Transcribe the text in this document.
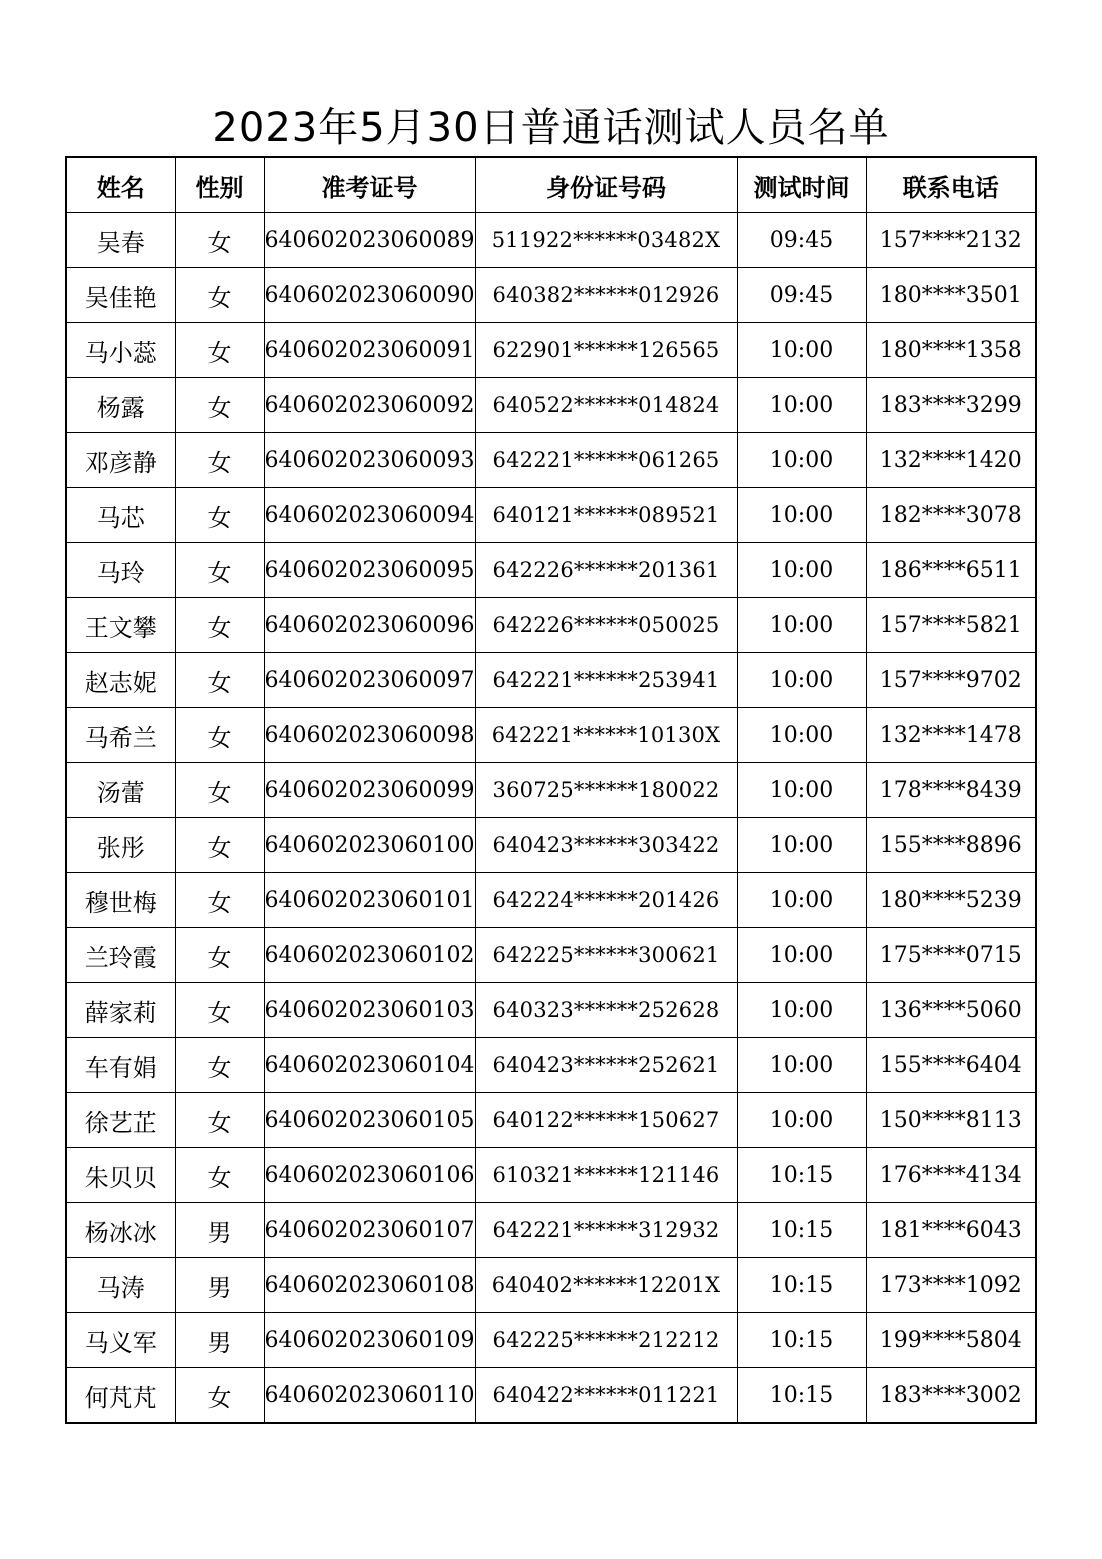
2023年5月30日普通话测试人员名单
姓名	性别	准考证号	身份证号码	测试时间	联系电话
吴春	女	640602023060089	511922******03482X	09:45	157****2132
吴佳艳	女	640602023060090	640382******012926	09:45	180****3501
马小蕊	女	640602023060091	622901******126565	10:00	180****1358
杨露	女	640602023060092	640522******014824	10:00	183****3299
邓彦静	女	640602023060093	642221******061265	10:00	132****1420
马芯	女	640602023060094	640121******089521	10:00	182****3078
马玲	女	640602023060095	642226******201361	10:00	186****6511
王文攀	女	640602023060096	642226******050025	10:00	157****5821
赵志妮	女	640602023060097	642221******253941	10:00	157****9702
马希兰	女	640602023060098	642221******10130X	10:00	132****1478
汤蕾	女	640602023060099	360725******180022	10:00	178****8439
张彤	女	640602023060100	640423******303422	10:00	155****8896
穆世梅	女	640602023060101	642224******201426	10:00	180****5239
兰玲霞	女	640602023060102	642225******300621	10:00	175****0715
薛家莉	女	640602023060103	640323******252628	10:00	136****5060
车有娟	女	640602023060104	640423******252621	10:00	155****6404
徐艺芷	女	640602023060105	640122******150627	10:00	150****8113
朱贝贝	女	640602023060106	610321******121146	10:15	176****4134
杨冰冰	男	640602023060107	642221******312932	10:15	181****6043
马涛	男	640602023060108	640402******12201X	10:15	173****1092
马义军	男	640602023060109	642225******212212	10:15	199****5804
何芃芃	女	640602023060110	640422******011221	10:15	183****3002
